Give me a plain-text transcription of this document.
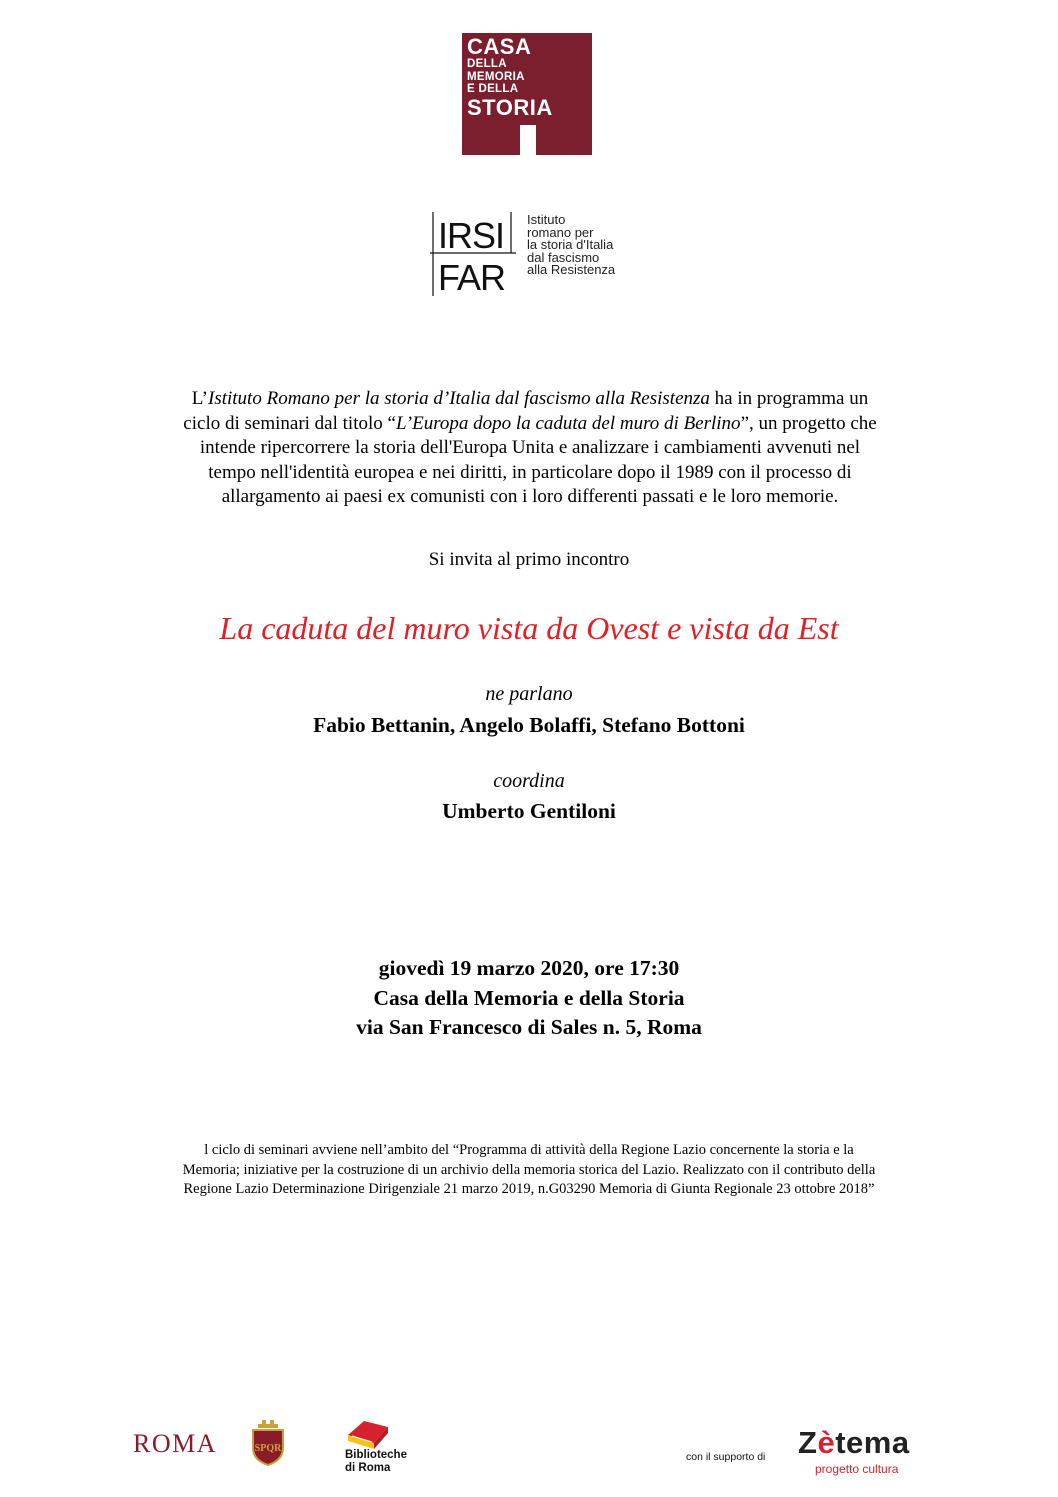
CASA
DELLA
MEMORIA
E DELLA
STORIA
IRSI
FAR
Istituto
romano per
la storia d'Italia
dal fascismo
alla Resistenza

L’Istituto Romano per la storia d’Italia dal fascismo alla Resistenza ha in programma un

ciclo di seminari dal titolo “L’Europa dopo la caduta del muro di Berlino”, un progetto che

intende ripercorrere la storia dell'Europa Unita e analizzare i cambiamenti avvenuti nel

tempo nell'identità europea e nei diritti, in particolare dopo il 1989 con il processo di

allargamento ai paesi ex comunisti con i loro differenti passati e le loro memorie.

Si invita al primo incontro
La caduta del muro vista da Ovest e vista da Est
ne parlano
Fabio Bettanin, Angelo Bolaffi, Stefano Bottoni
coordina
Umberto Gentiloni
giovedì 19 marzo 2020, ore 17:30
Casa della Memoria e della Storia
via San Francesco di Sales n. 5, Roma
l ciclo di seminari avviene nell’ambito del “Programma di attività della Regione Lazio concernente la storia e la
Memoria; iniziative per la costruzione di un archivio della memoria storica del Lazio. Realizzato con il contributo della
Regione Lazio Determinazione Dirigenziale 21 marzo 2019, n.G03290 Memoria di Giunta Regionale 23 ottobre 2018”
ROMA	SPQR
Biblioteche
di Roma
con il supporto di Zètema
progetto cultura
